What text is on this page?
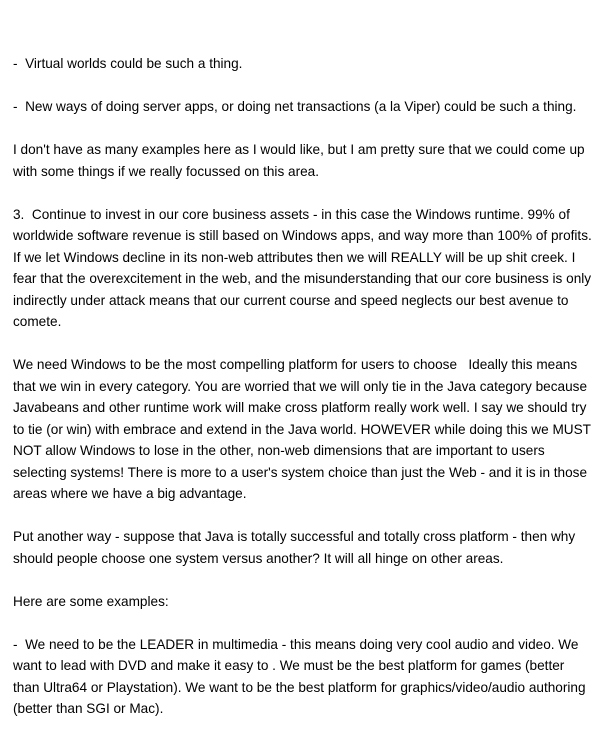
-  Virtual worlds could be such a thing.

-  New ways of doing server apps, or doing net transactions (a la Viper) could be such a thing.

I don't have as many examples here as I would like, but I am pretty sure that we could come up with some things if we really focussed on this area.

3.  Continue to invest in our core business assets - in this case the Windows runtime. 99% of worldwide software revenue is still based on Windows apps, and way more than 100% of profits. If we let Windows decline in its non-web attributes then we will REALLY will be up shit creek. I fear that the overexcitement in the web, and the misunderstanding that our core business is only indirectly under attack means that our current course and speed neglects our best avenue to comete.

We need Windows to be the most compelling platform for users to choose   Ideally this means that we win in every category. You are worried that we will only tie in the Java category because Javabeans and other runtime work will make cross platform really work well. I say we should try to tie (or win) with embrace and extend in the Java world. HOWEVER while doing this we MUST NOT allow Windows to lose in the other, non-web dimensions that are important to users selecting systems! There is more to a user's system choice than just the Web - and it is in those areas where we have a big advantage.

Put another way - suppose that Java is totally successful and totally cross platform - then why should people choose one system versus another? It will all hinge on other areas.

Here are some examples:

-  We need to be the LEADER in multimedia - this means doing very cool audio and video. We want to lead with DVD and make it easy to . We must be the best platform for games (better than Ultra64 or Playstation). We want to be the best platform for graphics/video/audio authoring (better than SGI or Mac).
